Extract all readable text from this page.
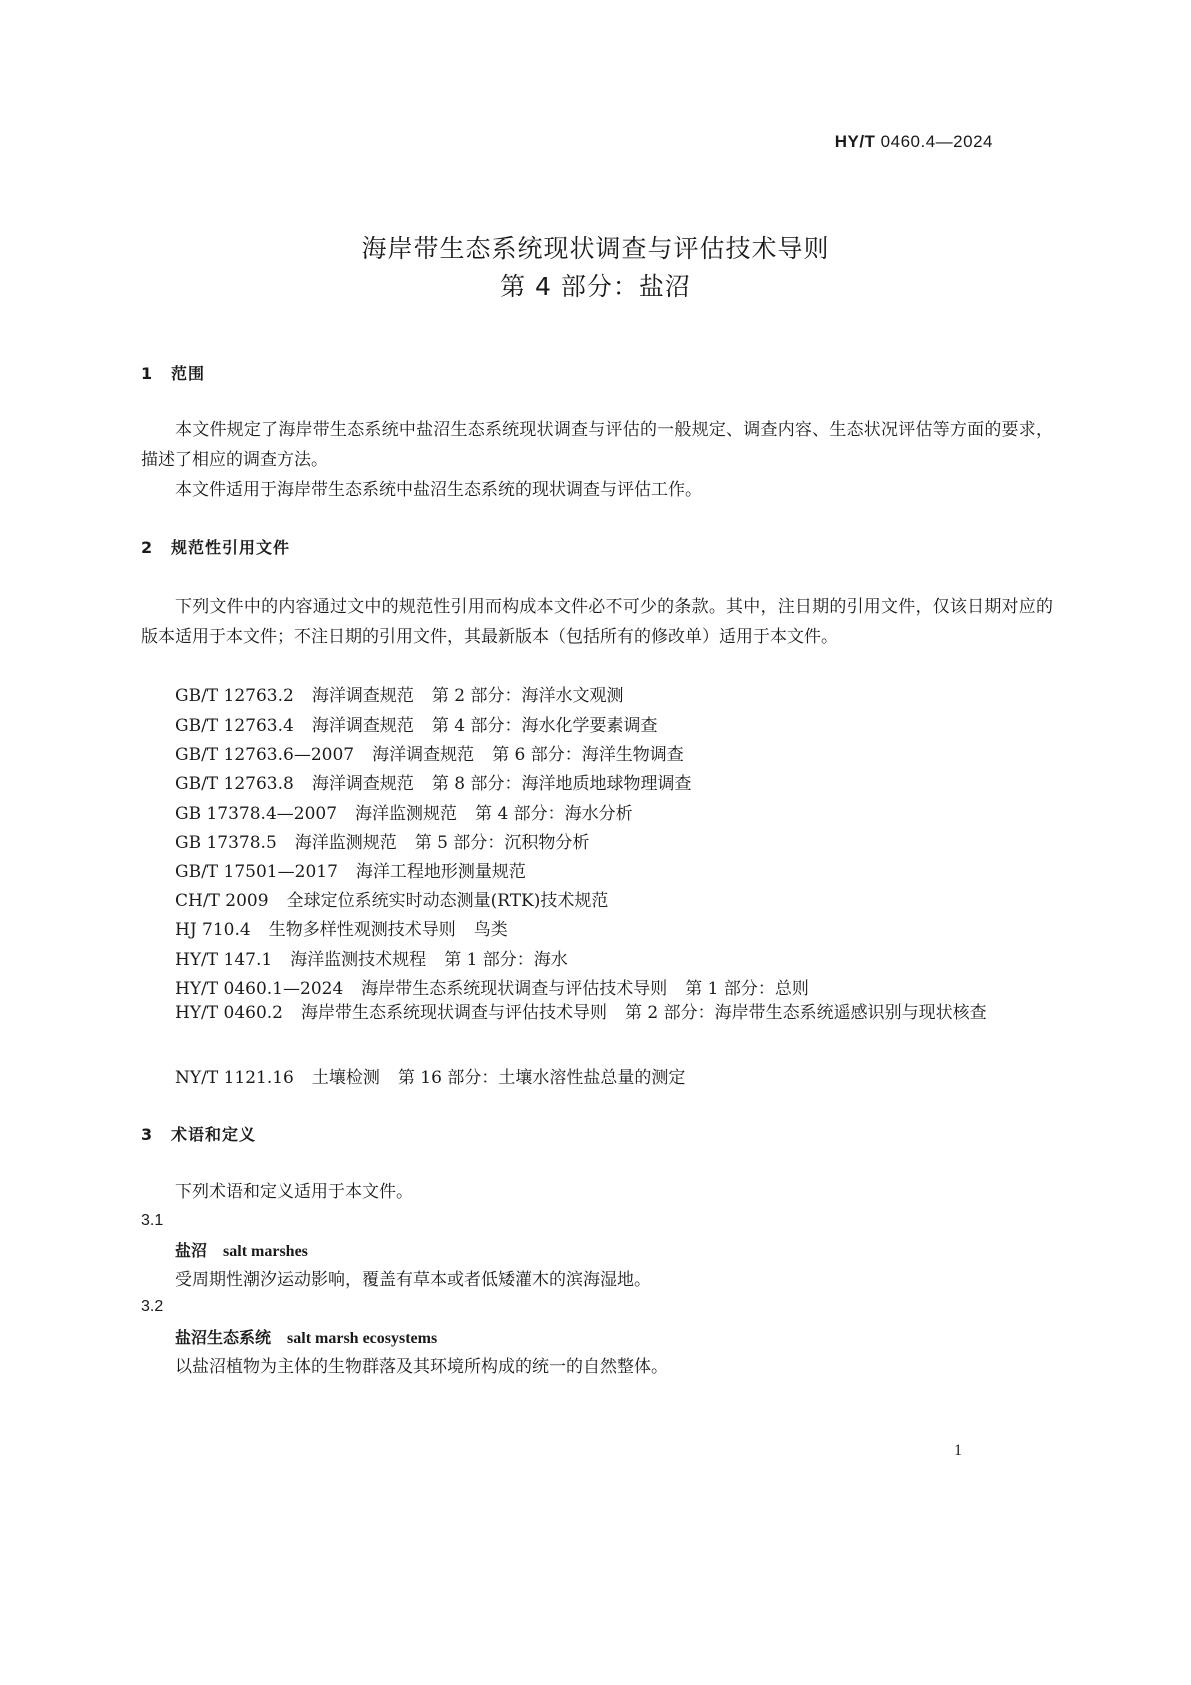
HY/T 0460.4—2024
海岸带生态系统现状调查与评估技术导则
第 4 部分：盐沼
1 范围
本文件规定了海岸带生态系统中盐沼生态系统现状调查与评估的一般规定、调查内容、生态状况评估等方面的要求，描述了相应的调查方法。
本文件适用于海岸带生态系统中盐沼生态系统的现状调查与评估工作。
2 规范性引用文件
下列文件中的内容通过文中的规范性引用而构成本文件必不可少的条款。其中，注日期的引用文件，仅该日期对应的版本适用于本文件；不注日期的引用文件，其最新版本（包括所有的修改单）适用于本文件。
GB/T 12763.2 海洋调查规范 第 2 部分：海洋水文观测
GB/T 12763.4 海洋调查规范 第 4 部分：海水化学要素调查
GB/T 12763.6—2007 海洋调查规范 第 6 部分：海洋生物调查
GB/T 12763.8 海洋调查规范 第 8 部分：海洋地质地球物理调查
GB 17378.4—2007 海洋监测规范 第 4 部分：海水分析
GB 17378.5 海洋监测规范 第 5 部分：沉积物分析
GB/T 17501—2017 海洋工程地形测量规范
CH/T 2009 全球定位系统实时动态测量(RTK)技术规范
HJ 710.4 生物多样性观测技术导则 鸟类
HY/T 147.1 海洋监测技术规程 第 1 部分：海水
HY/T 0460.1—2024 海岸带生态系统现状调查与评估技术导则 第 1 部分：总则
HY/T 0460.2 海岸带生态系统现状调查与评估技术导则 第 2 部分：海岸带生态系统遥感识别与现状核查
NY/T 1121.16 土壤检测 第 16 部分：土壤水溶性盐总量的测定
3 术语和定义
下列术语和定义适用于本文件。
3.1
盐沼 salt marshes
受周期性潮汐运动影响，覆盖有草本或者低矮灌木的滨海湿地。
3.2
盐沼生态系统 salt marsh ecosystems
以盐沼植物为主体的生物群落及其环境所构成的统一的自然整体。
1
